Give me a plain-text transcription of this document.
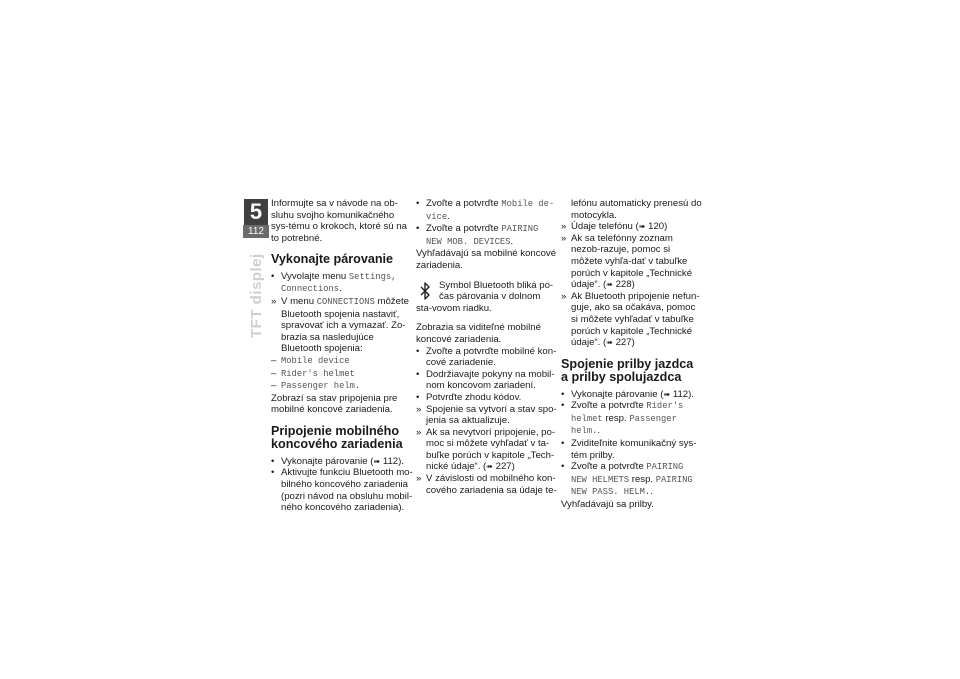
5
112
TFT displej

Informujte sa v návode na ob-sluhu svojho komunikačného sys-tému o krokoch, ktoré sú na to potrebné.

Vykonajte párovanie
• Vyvolajte menu Settings, Connections.
» V menu CONNECTIONS môžete Bluetooth spojenia nastaviť, spravovať ich a vymazať. Zo-brazia sa nasledujúce Bluetooth spojenia:
– Mobile device
– Rider's helmet
– Passenger helm.

Zobrazí sa stav pripojenia pre mobilné koncové zariadenia.

Pripojenie mobilného koncového zariadenia
• Vykonajte párovanie (➠ 112).
• Aktivujte funkciu Bluetooth mo-bilného koncového zariadenia (pozri návod na obsluhu mobil-ného koncového zariadenia).
• Zvoľte a potvrďte Mobile de-vice.
• Zvoľte a potvrďte PAIRING NEW MOB. DEVICES.

Vyhľadávajú sa mobilné koncové zariadenia.

Symbol Bluetooth bliká po-čas párovania v dolnom sta-vovom riadku.

Zobrazia sa viditeľné mobilné koncové zariadenia.

• Zvoľte a potvrďte mobilné kon-cové zariadenie.
• Dodržiavajte pokyny na mobil-nom koncovom zariadení.
• Potvrďte zhodu kódov.
» Spojenie sa vytvorí a stav spo-jenia sa aktualizuje.
» Ak sa nevytvorí pripojenie, po-moc si môžete vyhľadať v ta-buľke porúch v kapitole „Tech-nické údaje“. (➠ 227)
» V závislosti od mobilného kon-cového zariadenia sa údaje te-
lefónu automaticky prenesú do motocykla.
» Údaje telefónu (➠ 120)
» Ak sa telefónny zoznam nezob-razuje, pomoc si môžete vyhľa-dať v tabuľke porúch v kapitole „Technické údaje“. (➠ 228)
» Ak Bluetooth pripojenie nefun-guje, ako sa očakáva, pomoc si môžete vyhľadať v tabuľke porúch v kapitole „Technické údaje“. (➠ 227)
Spojenie prilby jazdca a prilby spolujazdca
• Vykonajte párovanie (➠ 112).
• Zvoľte a potvrďte Rider's helmet resp. Passenger helm..
• Zviditeľnite komunikačný sys-tém prilby.
• Zvoľte a potvrďte PAIRING NEW HELMETS resp. PAIRING NEW PASS. HELM..

Vyhľadávajú sa prilby.
